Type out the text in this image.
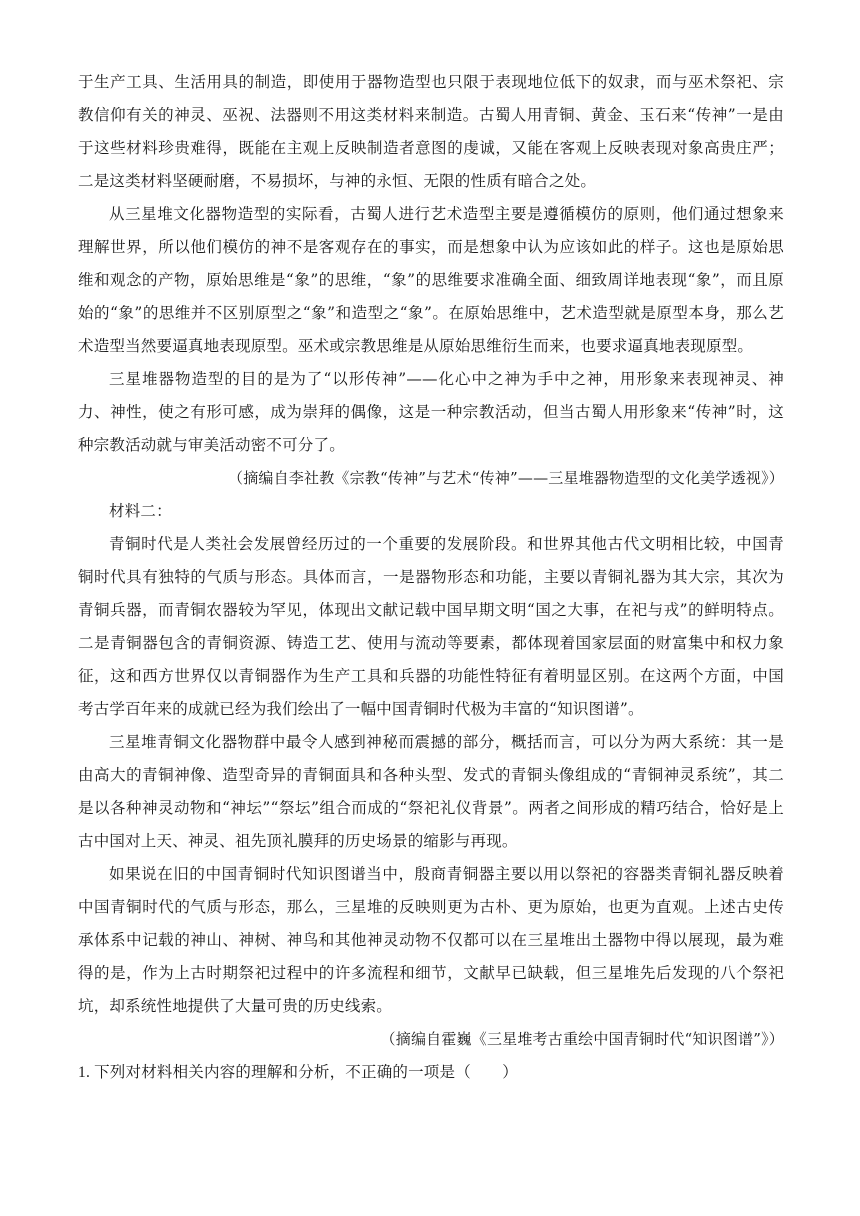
于生产工具、生活用具的制造，即使用于器物造型也只限于表现地位低下的奴隶，而与巫术祭祀、宗教信仰有关的神灵、巫祝、法器则不用这类材料来制造。古蜀人用青铜、黄金、玉石来“传神”一是由于这些材料珍贵难得，既能在主观上反映制造者意图的虔诚，又能在客观上反映表现对象高贵庄严；二是这类材料坚硬耐磨，不易损坏，与神的永恒、无限的性质有暗合之处。

从三星堆文化器物造型的实际看，古蜀人进行艺术造型主要是遵循模仿的原则，他们通过想象来理解世界，所以他们模仿的神不是客观存在的事实，而是想象中认为应该如此的样子。这也是原始思维和观念的产物，原始思维是“象”的思维，“象”的思维要求准确全面、细致周详地表现“象”，而且原始的“象”的思维并不区别原型之“象”和造型之“象”。在原始思维中，艺术造型就是原型本身，那么艺术造型当然要逼真地表现原型。巫术或宗教思维是从原始思维衍生而来，也要求逼真地表现原型。

三星堆器物造型的目的是为了“以形传神”——化心中之神为手中之神，用形象来表现神灵、神力、神性，使之有形可感，成为崇拜的偶像，这是一种宗教活动，但当古蜀人用形象来“传神”时，这种宗教活动就与审美活动密不可分了。

（摘编自李社教《宗教“传神”与艺术“传神”——三星堆器物造型的文化美学透视》）

材料二：

青铜时代是人类社会发展曾经历过的一个重要的发展阶段。和世界其他古代文明相比较，中国青铜时代具有独特的气质与形态。具体而言，一是器物形态和功能，主要以青铜礼器为其大宗，其次为青铜兵器，而青铜农器较为罕见，体现出文献记载中国早期文明“国之大事，在祀与戎”的鲜明特点。二是青铜器包含的青铜资源、铸造工艺、使用与流动等要素，都体现着国家层面的财富集中和权力象征，这和西方世界仅以青铜器作为生产工具和兵器的功能性特征有着明显区别。在这两个方面，中国考古学百年来的成就已经为我们绘出了一幅中国青铜时代极为丰富的“知识图谱”。

三星堆青铜文化器物群中最令人感到神秘而震撼的部分，概括而言，可以分为两大系统：其一是由高大的青铜神像、造型奇异的青铜面具和各种头型、发式的青铜头像组成的“青铜神灵系统”，其二是以各种神灵动物和“神坛”“祭坛”组合而成的“祭祀礼仪背景”。两者之间形成的精巧结合，恰好是上古中国对上天、神灵、祖先顶礼膜拜的历史场景的缩影与再现。

如果说在旧的中国青铜时代知识图谱当中，殷商青铜器主要以用以祭祀的容器类青铜礼器反映着中国青铜时代的气质与形态，那么，三星堆的反映则更为古朴、更为原始，也更为直观。上述古史传承体系中记载的神山、神树、神鸟和其他神灵动物不仅都可以在三星堆出土器物中得以展现，最为难得的是，作为上古时期祭祀过程中的许多流程和细节，文献早已缺载，但三星堆先后发现的八个祭祀坑，却系统性地提供了大量可贵的历史线索。

（摘编自霍巍《三星堆考古重绘中国青铜时代“知识图谱”》）

1. 下列对材料相关内容的理解和分析，不正确的一项是（　　）
